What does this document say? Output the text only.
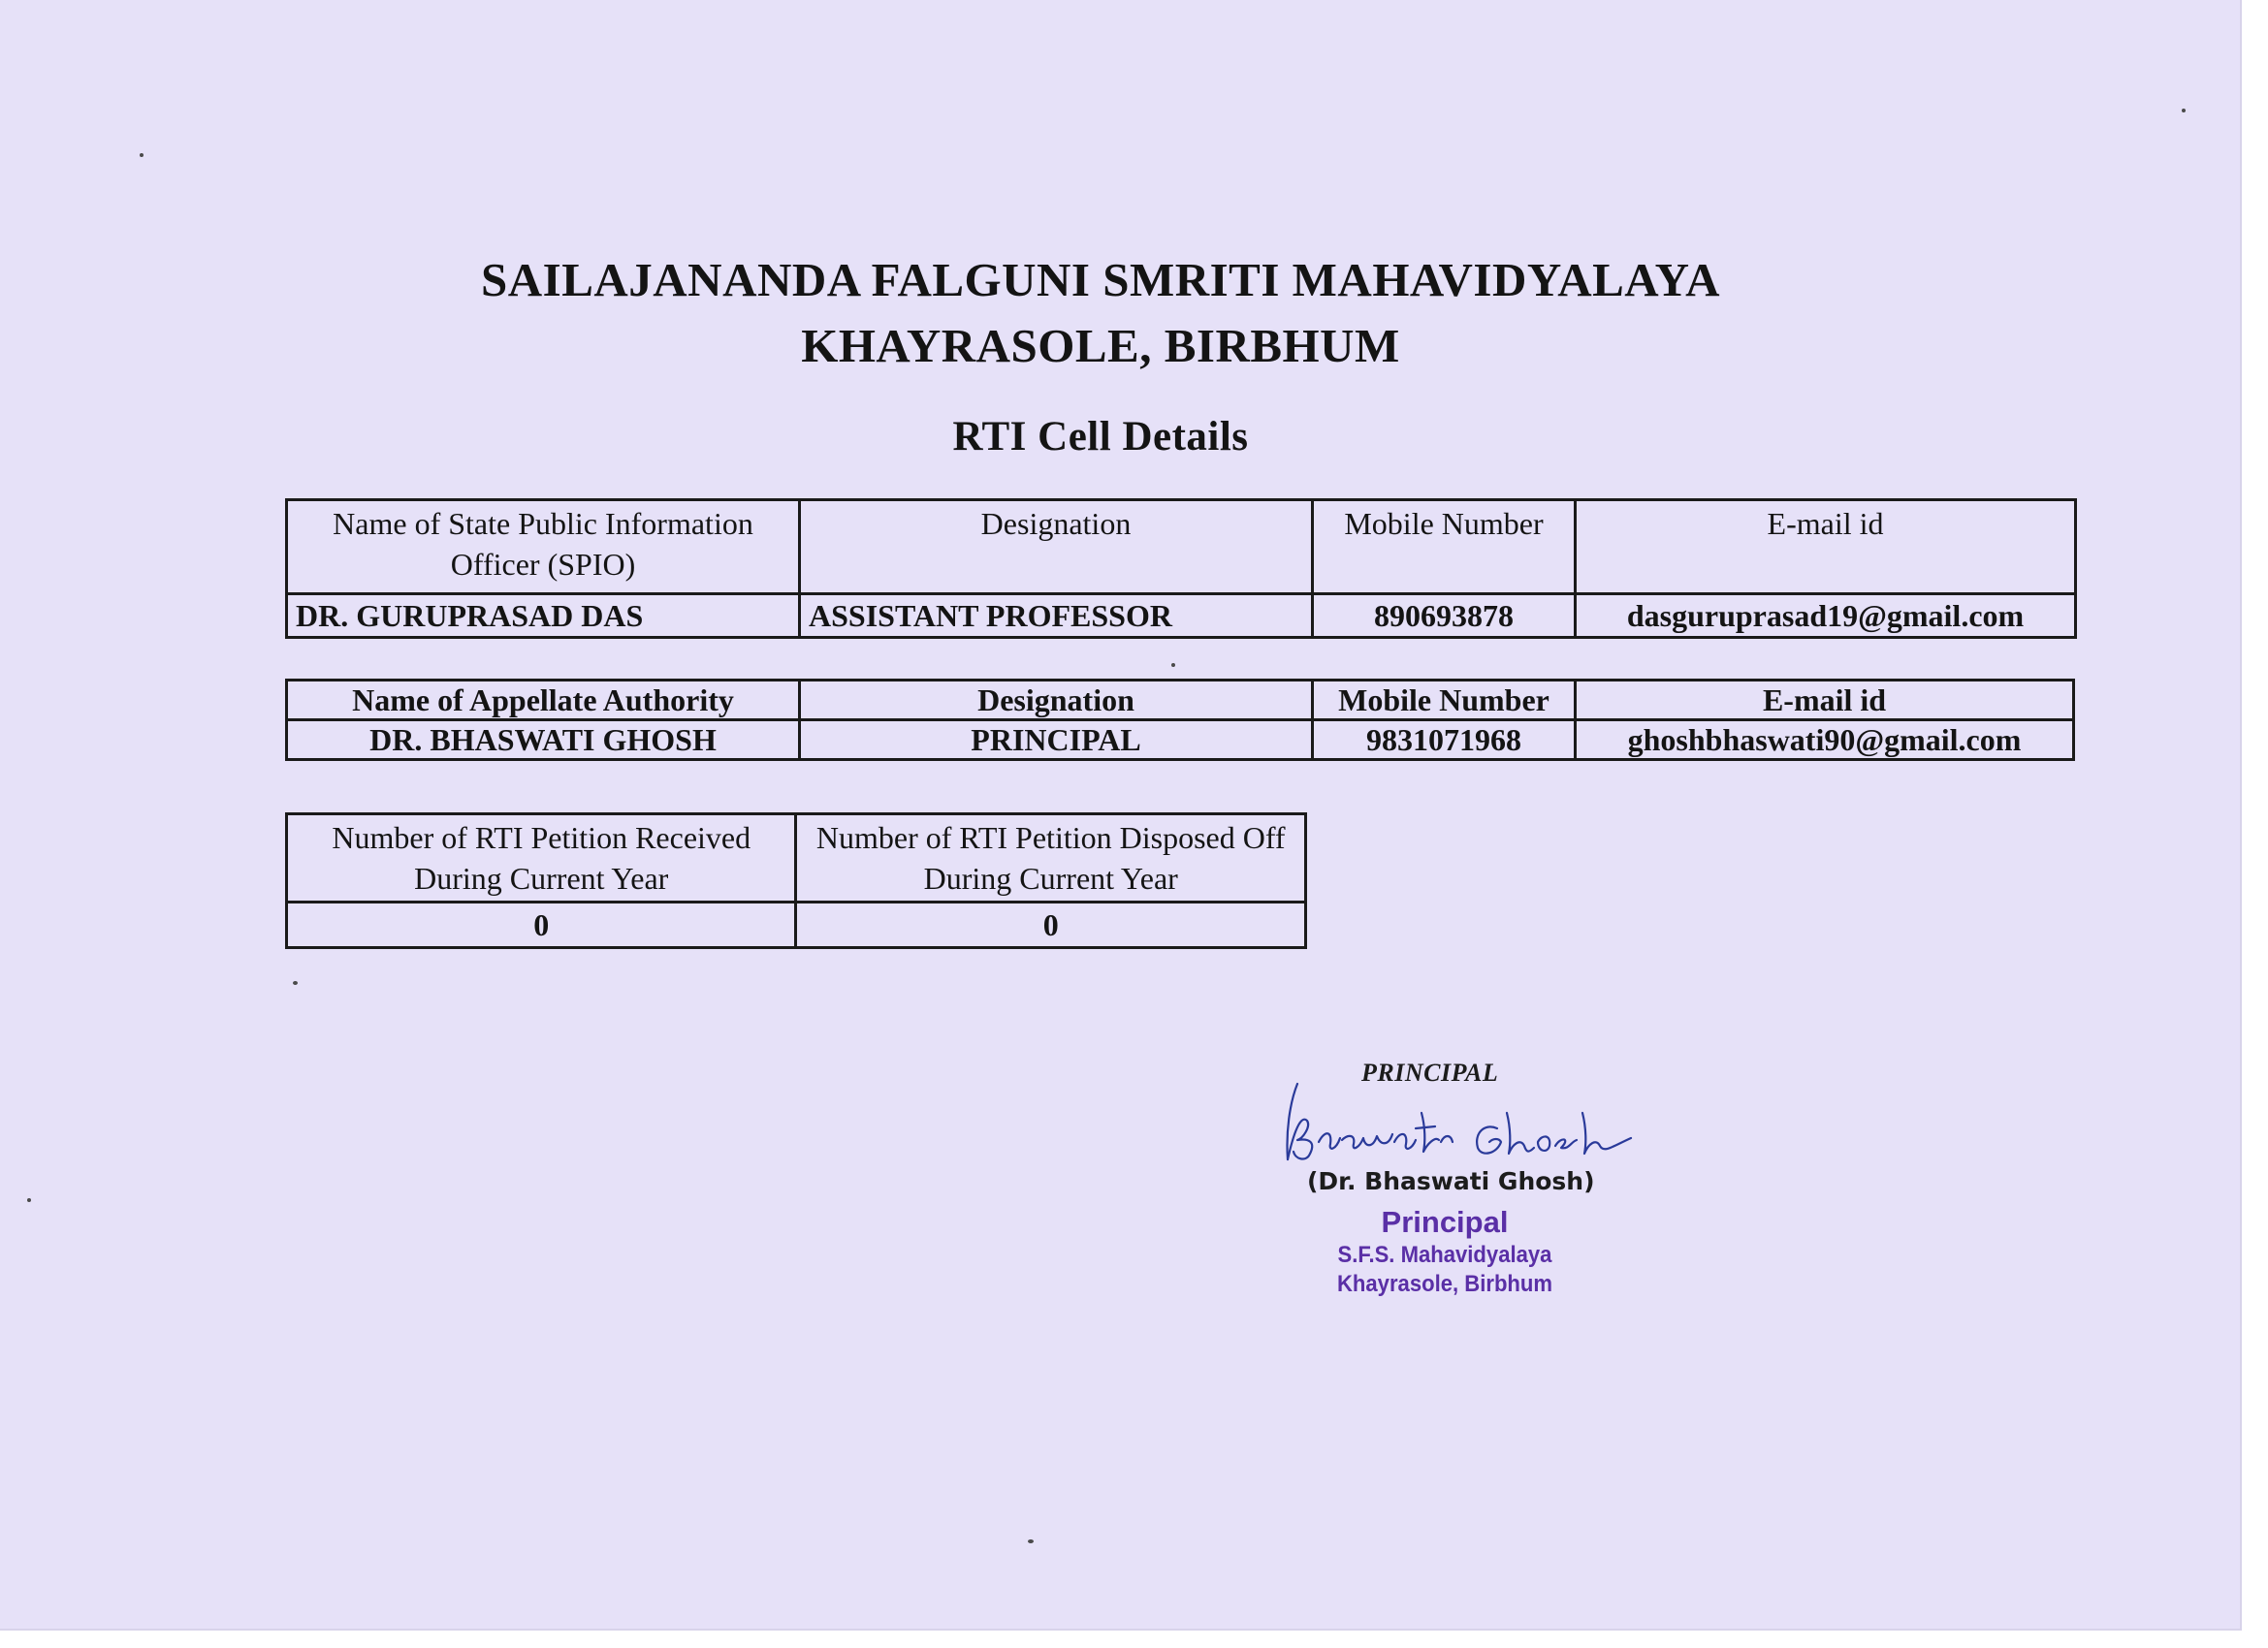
SAILAJANANDA FALGUNI SMRITI MAHAVIDYALAYA
KHAYRASOLE, BIRBHUM
RTI Cell Details
Name of State Public Information Officer (SPIO)	Designation	Mobile Number	E-mail id
DR. GURUPRASAD DAS	ASSISTANT PROFESSOR	890693878	dasguruprasad19@gmail.com
Name of Appellate Authority	Designation	Mobile Number	E-mail id
DR. BHASWATI GHOSH	PRINCIPAL	9831071968	ghoshbhaswati90@gmail.com
Number of RTI Petition Received During Current Year	Number of RTI Petition Disposed Off During Current Year
0	0
PRINCIPAL
(Dr. Bhaswati Ghosh)
Principal
S.F.S. Mahavidyalaya
Khayrasole, Birbhum
